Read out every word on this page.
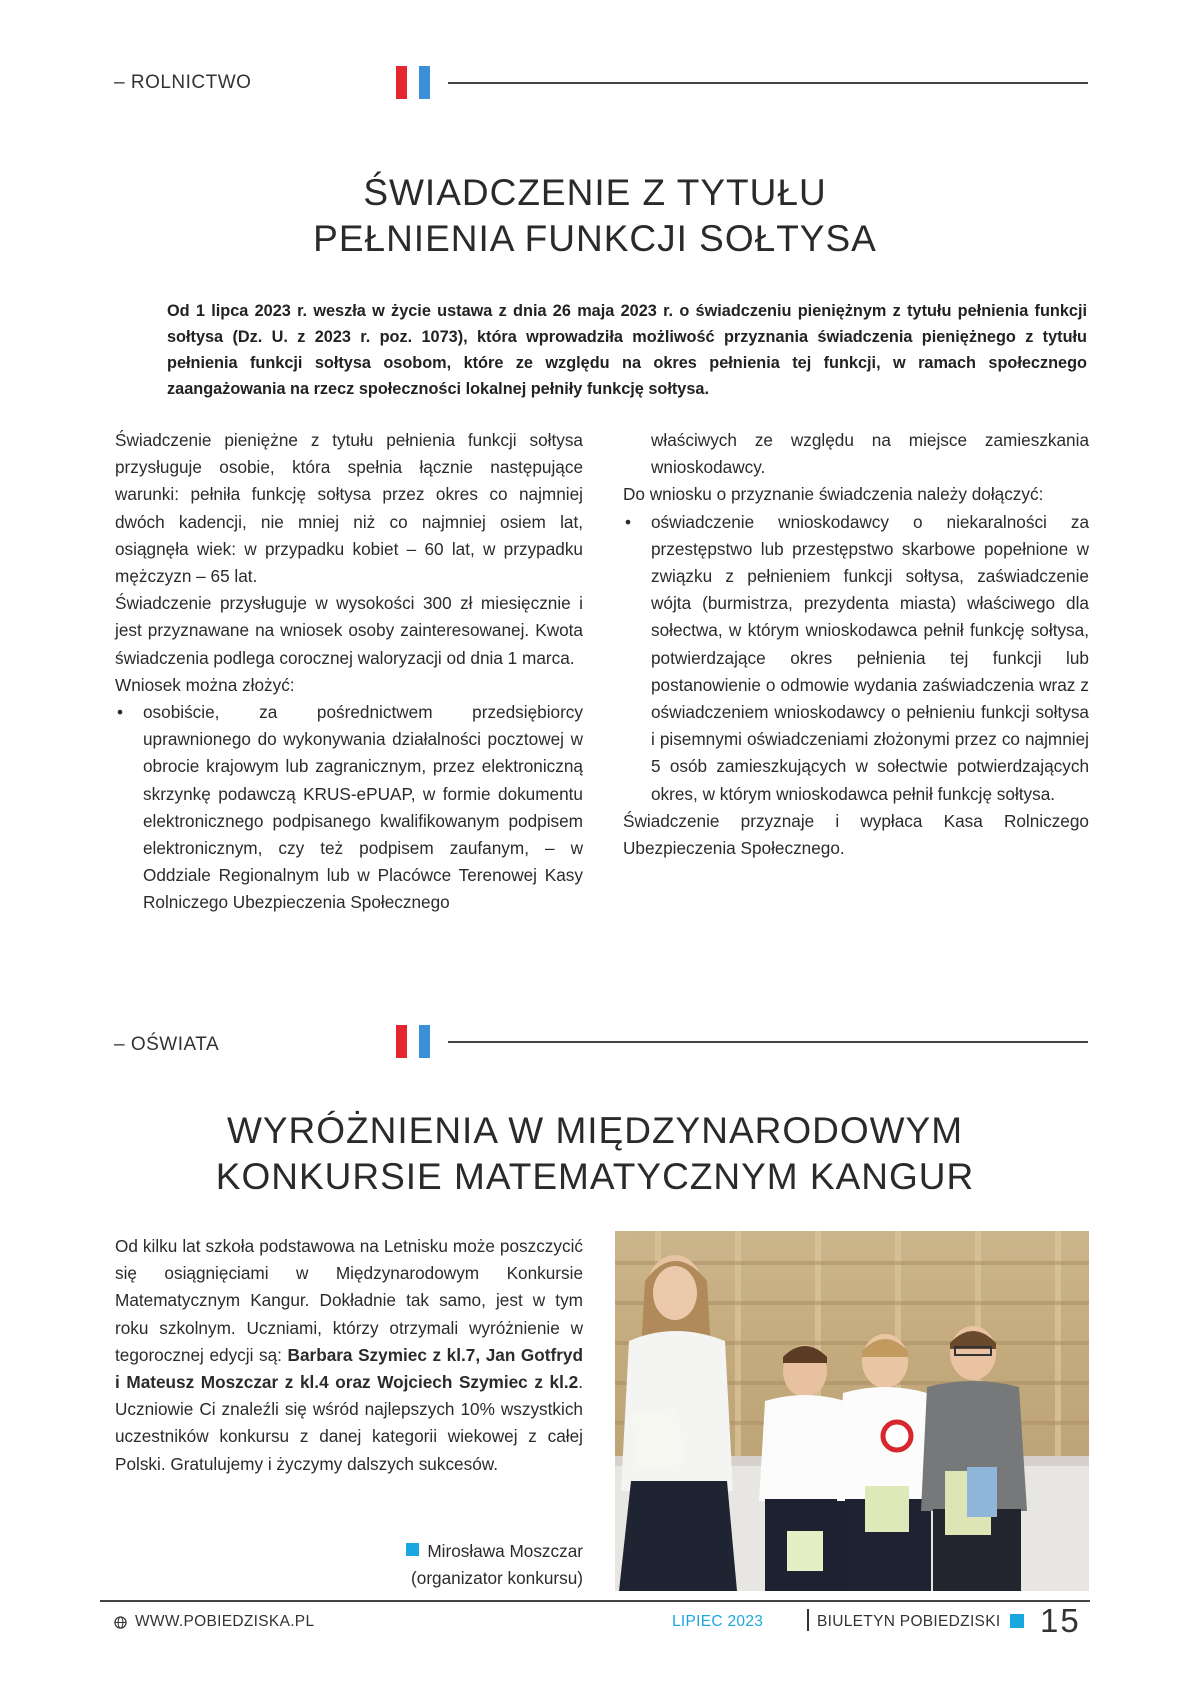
– ROLNICTWO
ŚWIADCZENIE Z TYTUŁU
PEŁNIENIA FUNKCJI SOŁTYSA
Od 1 lipca 2023 r. weszła w życie ustawa z dnia 26 maja 2023 r. o świadczeniu pieniężnym z tytułu pełnienia funkcji sołtysa (Dz. U. z 2023 r. poz. 1073), która wprowadziła możliwość przyznania świadczenia pieniężnego z tytułu pełnienia funkcji sołtysa osobom, które ze względu na okres pełnienia tej funkcji, w ramach społecznego zaangażowania na rzecz społeczności lokalnej pełniły funkcję sołtysa.

Świadczenie pieniężne z tytułu pełnienia funkcji sołtysa przysługuje osobie, która spełnia łącznie następujące warunki: pełniła funkcję sołtysa przez okres co najmniej dwóch kadencji, nie mniej niż co najmniej osiem lat, osiągnęła wiek: w przypadku kobiet – 60 lat, w przypadku mężczyzn – 65 lat.

Świadczenie przysługuje w wysokości 300 zł miesięcznie i jest przyznawane na wniosek osoby zainteresowanej. Kwota świadczenia podlega corocznej waloryzacji od dnia 1 marca.

Wniosek można złożyć:

• osobiście, za pośrednictwem przedsiębiorcy uprawnionego do wykonywania działalności pocztowej w obrocie krajowym lub zagranicznym, przez elektroniczną skrzynkę podawczą KRUS-ePUAP, w formie dokumentu elektronicznego podpisanego kwalifikowanym podpisem elektronicznym, czy też podpisem zaufanym, – w Oddziale Regionalnym lub w Placówce Terenowej Kasy Rolniczego Ubezpieczenia Społecznego

właściwych ze względu na miejsce zamieszkania wnioskodawcy.

Do wniosku o przyznanie świadczenia należy dołączyć:

• oświadczenie wnioskodawcy o niekaralności za przestępstwo lub przestępstwo skarbowe popełnione w związku z pełnieniem funkcji sołtysa, zaświadczenie wójta (burmistrza, prezydenta miasta) właściwego dla sołectwa, w którym wnioskodawca pełnił funkcję sołtysa, potwierdzające okres pełnienia tej funkcji lub postanowienie o odmowie wydania zaświadczenia wraz z oświadczeniem wnioskodawcy o pełnieniu funkcji sołtysa i pisemnymi oświadczeniami złożonymi przez co najmniej 5 osób zamieszkujących w sołectwie potwierdzających okres, w którym wnioskodawca pełnił funkcję sołtysa.

Świadczenie przyznaje i wypłaca Kasa Rolniczego Ubezpieczenia Społecznego.

– OŚWIATA
WYRÓŻNIENIA W MIĘDZYNARODOWYM
KONKURSIE MATEMATYCZNYM KANGUR

Od kilku lat szkoła podstawowa na Letnisku może poszczycić się osiągnięciami w Międzynarodowym Konkursie Matematycznym Kangur. Dokładnie tak samo, jest w tym roku szkolnym. Uczniami, którzy otrzymali wyróżnienie w tegorocznej edycji są: Barbara Szymiec z kl.7, Jan Gotfryd i Mateusz Moszczar z kl.4 oraz Wojciech Szymiec z kl.2. Uczniowie Ci znaleźli się wśród najlepszych 10% wszystkich uczestników konkursu z danej kategorii wiekowej z całej Polski. Gratulujemy i życzymy dalszych sukcesów.

Mirosława Moszczar
(organizator konkursu)
WWW.POBIEDZISKA.PL	LIPIEC 2023	BIULETYN POBIEDZISKI 15
